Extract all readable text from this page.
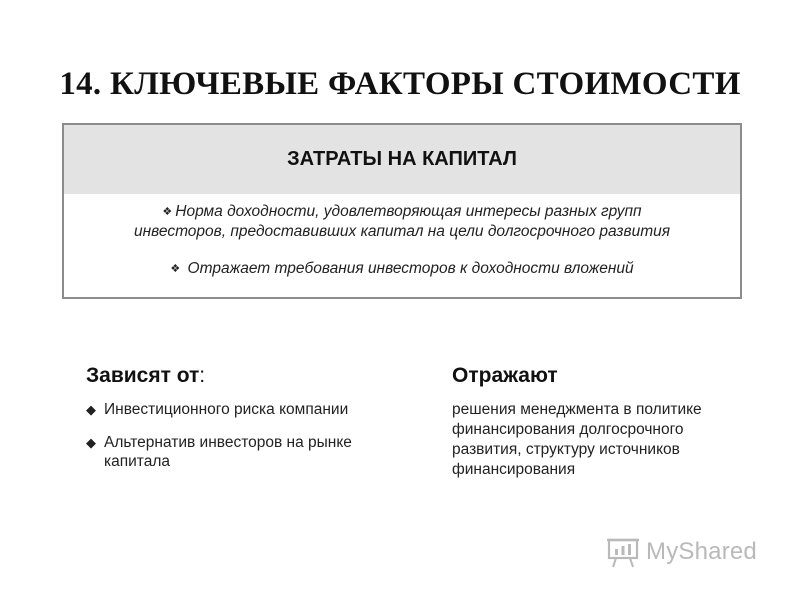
14. КЛЮЧЕВЫЕ ФАКТОРЫ СТОИМОСТИ
ЗАТРАТЫ НА КАПИТАЛ
❖ Норма доходности, удовлетворяющая интересы разных групп
инвесторов, предоставивших капитал на цели долгосрочного развития
❖ Отражает требования инвесторов к доходности вложений
Зависят от:
◆ Инвестиционного риска компании
◆ Альтернатив инвесторов на рынке
капитала
Отражают
решения менеджмента в политике
финансирования долгосрочного
развития, структуру источников
финансирования
MyShared
